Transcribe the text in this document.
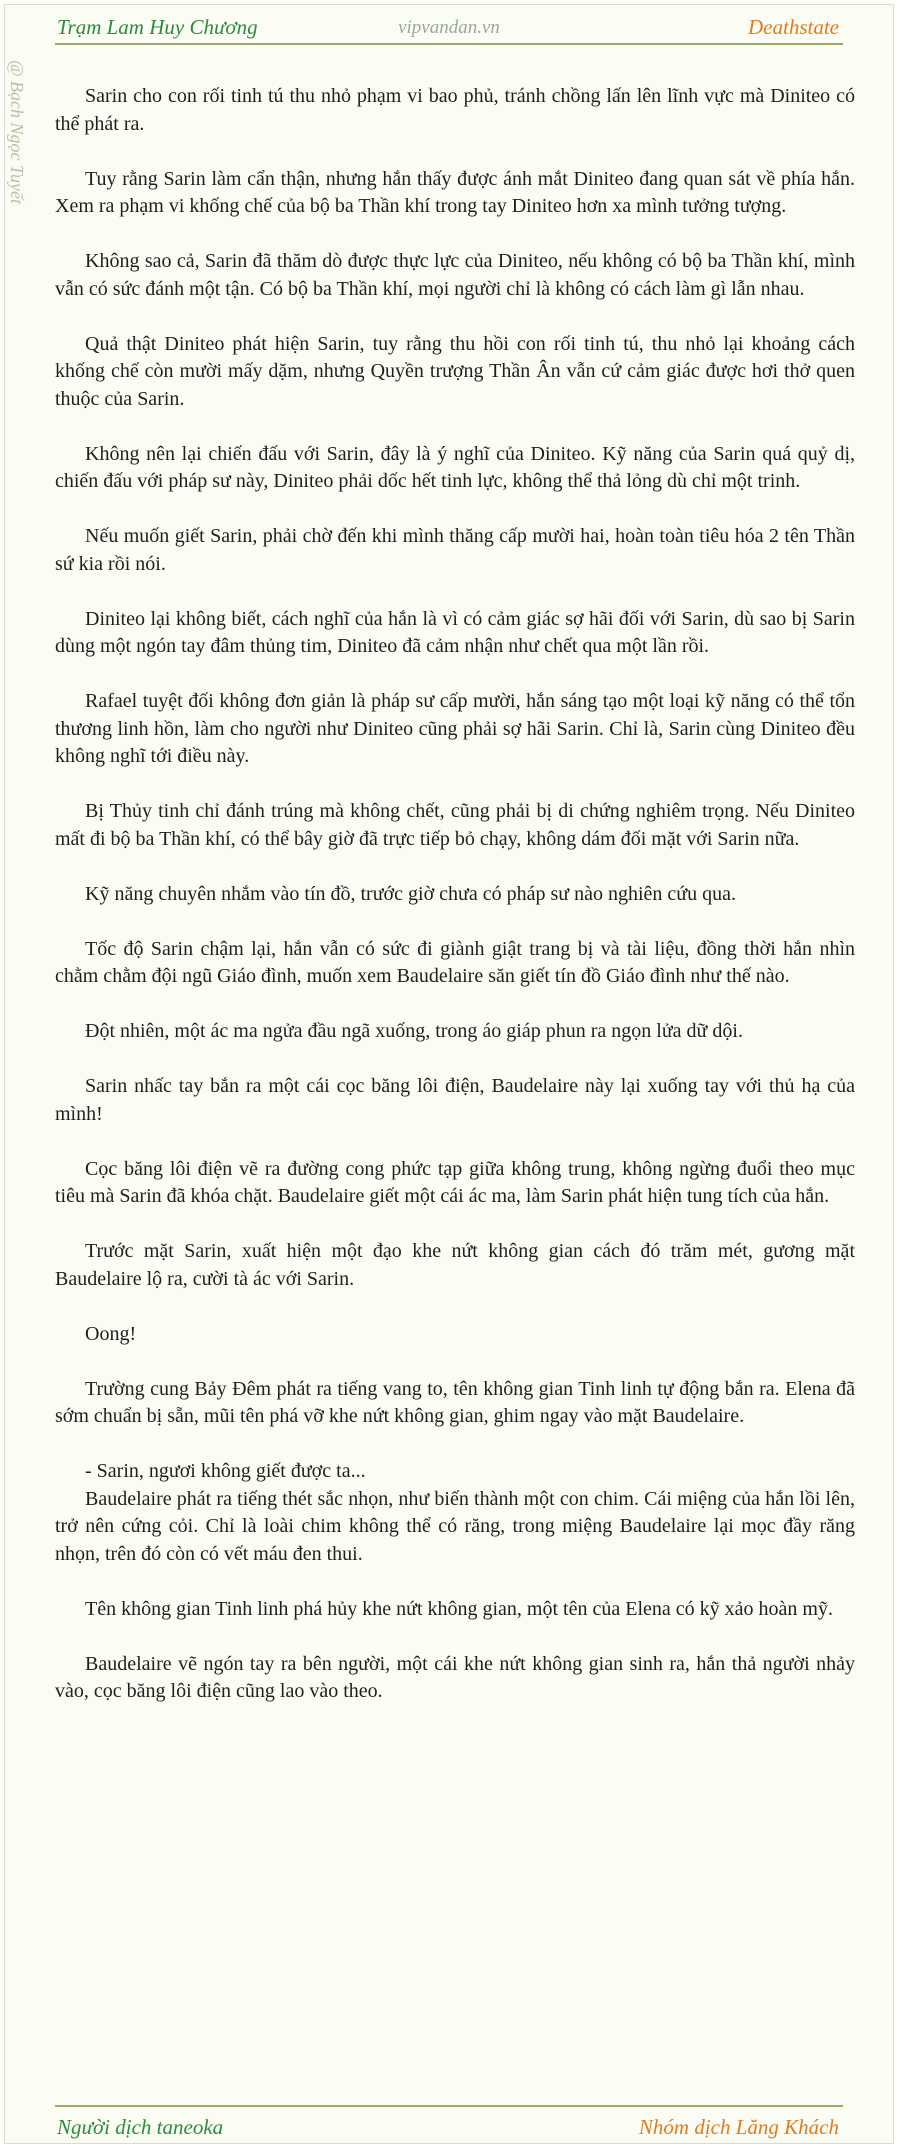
Trạm Lam Huy Chương	vipvandan.vn	Deathstate
@ Bạch Ngọc Tuyết	Sarin cho con rối tinh tú thu nhỏ phạm vi bao phủ, tránh chồng lấn lên lĩnh vực mà Diniteo có thể phát ra.

Tuy rằng Sarin làm cẩn thận, nhưng hắn thấy được ánh mắt Diniteo đang quan sát về phía hắn. Xem ra phạm vi khống chế của bộ ba Thần khí trong tay Diniteo hơn xa mình tưởng tượng.

Không sao cả, Sarin đã thăm dò được thực lực của Diniteo, nếu không có bộ ba Thần khí, mình vẫn có sức đánh một tận. Có bộ ba Thần khí, mọi người chỉ là không có cách làm gì lẫn nhau.

Quả thật Diniteo phát hiện Sarin, tuy rằng thu hồi con rối tinh tú, thu nhỏ lại khoảng cách khống chế còn mười mấy dặm, nhưng Quyền trượng Thần Ân vẫn cứ cảm giác được hơi thở quen thuộc của Sarin.

Không nên lại chiến đấu với Sarin, đây là ý nghĩ của Diniteo. Kỹ năng của Sarin quá quỷ dị, chiến đấu với pháp sư này, Diniteo phải dốc hết tinh lực, không thể thả lỏng dù chỉ một trinh.

Nếu muốn giết Sarin, phải chờ đến khi mình thăng cấp mười hai, hoàn toàn tiêu hóa 2 tên Thần sứ kia rồi nói.

Diniteo lại không biết, cách nghĩ của hắn là vì có cảm giác sợ hãi đối với Sarin, dù sao bị Sarin dùng một ngón tay đâm thủng tim, Diniteo đã cảm nhận như chết qua một lần rồi.

Rafael tuyệt đối không đơn giản là pháp sư cấp mười, hắn sáng tạo một loại kỹ năng có thể tổn thương linh hồn, làm cho người như Diniteo cũng phải sợ hãi Sarin. Chỉ là, Sarin cùng Diniteo đều không nghĩ tới điều này.

Bị Thủy tinh chỉ đánh trúng mà không chết, cũng phải bị di chứng nghiêm trọng. Nếu Diniteo mất đi bộ ba Thần khí, có thể bây giờ đã trực tiếp bỏ chạy, không dám đối mặt với Sarin nữa.

Kỹ năng chuyên nhắm vào tín đồ, trước giờ chưa có pháp sư nào nghiên cứu qua.

Tốc độ Sarin chậm lại, hắn vẫn có sức đi giành giật trang bị và tài liệu, đồng thời hắn nhìn chằm chằm đội ngũ Giáo đình, muốn xem Baudelaire săn giết tín đồ Giáo đình như thế nào.

Đột nhiên, một ác ma ngửa đầu ngã xuống, trong áo giáp phun ra ngọn lửa dữ dội.

Sarin nhấc tay bắn ra một cái cọc băng lôi điện, Baudelaire này lại xuống tay với thủ hạ của mình!

Cọc băng lôi điện vẽ ra đường cong phức tạp giữa không trung, không ngừng đuổi theo mục tiêu mà Sarin đã khóa chặt. Baudelaire giết một cái ác ma, làm Sarin phát hiện tung tích của hắn.

Trước mặt Sarin, xuất hiện một đạo khe nứt không gian cách đó trăm mét, gương mặt Baudelaire lộ ra, cười tà ác với Sarin.

Oong!

Trường cung Bảy Đêm phát ra tiếng vang to, tên không gian Tinh linh tự động bắn ra. Elena đã sớm chuẩn bị sẵn, mũi tên phá vỡ khe nứt không gian, ghim ngay vào mặt Baudelaire.

- Sarin, ngươi không giết được ta...

Baudelaire phát ra tiếng thét sắc nhọn, như biến thành một con chim. Cái miệng của hắn lồi lên, trở nên cứng cỏi. Chỉ là loài chim không thể có răng, trong miệng Baudelaire lại mọc đầy răng nhọn, trên đó còn có vết máu đen thui.

Tên không gian Tinh linh phá hủy khe nứt không gian, một tên của Elena có kỹ xảo hoàn mỹ.

Baudelaire vẽ ngón tay ra bên người, một cái khe nứt không gian sinh ra, hắn thả người nhảy vào, cọc băng lôi điện cũng lao vào theo.

Người dịch taneoka	Nhóm dịch Lăng Khách
